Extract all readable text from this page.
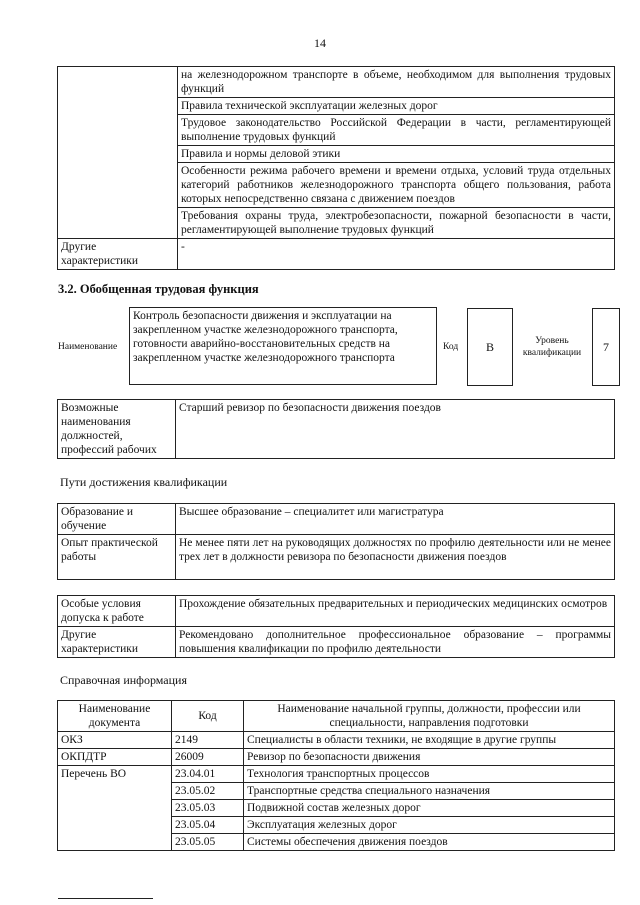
14
	на железнодорожном транспорте в объеме, необходимом для выполнения трудовых функций
	Правила технической эксплуатации железных дорог
	Трудовое законодательство Российской Федерации в части, регламентирующей выполнение трудовых функций
	Правила и нормы деловой этики
	Особенности режима рабочего времени и времени отдыха, условий труда отдельных категорий работников железнодорожного транспорта общего пользования, работа которых непосредственно связана с движением поездов
	Требования охраны труда, электробезопасности, пожарной безопасности в части, регламентирующей выполнение трудовых функций
Другие характеристики	-
3.2. Обобщенная трудовая функция
Наименование
Контроль безопасности движения и эксплуатации на закрепленном участке железнодорожного транспорта, готовности аварийно-восстановительных средств на закрепленном участке железнодорожного транспорта
Код	B	Уровень квалификации	7
Возможные наименования должностей, профессий рабочих	Старший ревизор по безопасности движения поездов
Пути достижения квалификации
Образование и обучение	Высшее образование – специалитет или магистратура
Опыт практической работы	Не менее пяти лет на руководящих должностях по профилю деятельности или не менее трех лет в должности ревизора по безопасности движения поездов
Особые условия допуска к работе	Прохождение обязательных предварительных и периодических медицинских осмотров
Другие характеристики	Рекомендовано дополнительное профессиональное образование – программы повышения квалификации по профилю деятельности
Справочная информация
Наименование документа	Код	Наименование начальной группы, должности, профессии или специальности, направления подготовки
ОКЗ	2149	Специалисты в области техники, не входящие в другие группы
ОКПДТР	26009	Ревизор по безопасности движения
Перечень ВО	23.04.01	Технология транспортных процессов
	23.05.02	Транспортные средства специального назначения
	23.05.03	Подвижной состав железных дорог
	23.05.04	Эксплуатация железных дорог
	23.05.05	Системы обеспечения движения поездов
